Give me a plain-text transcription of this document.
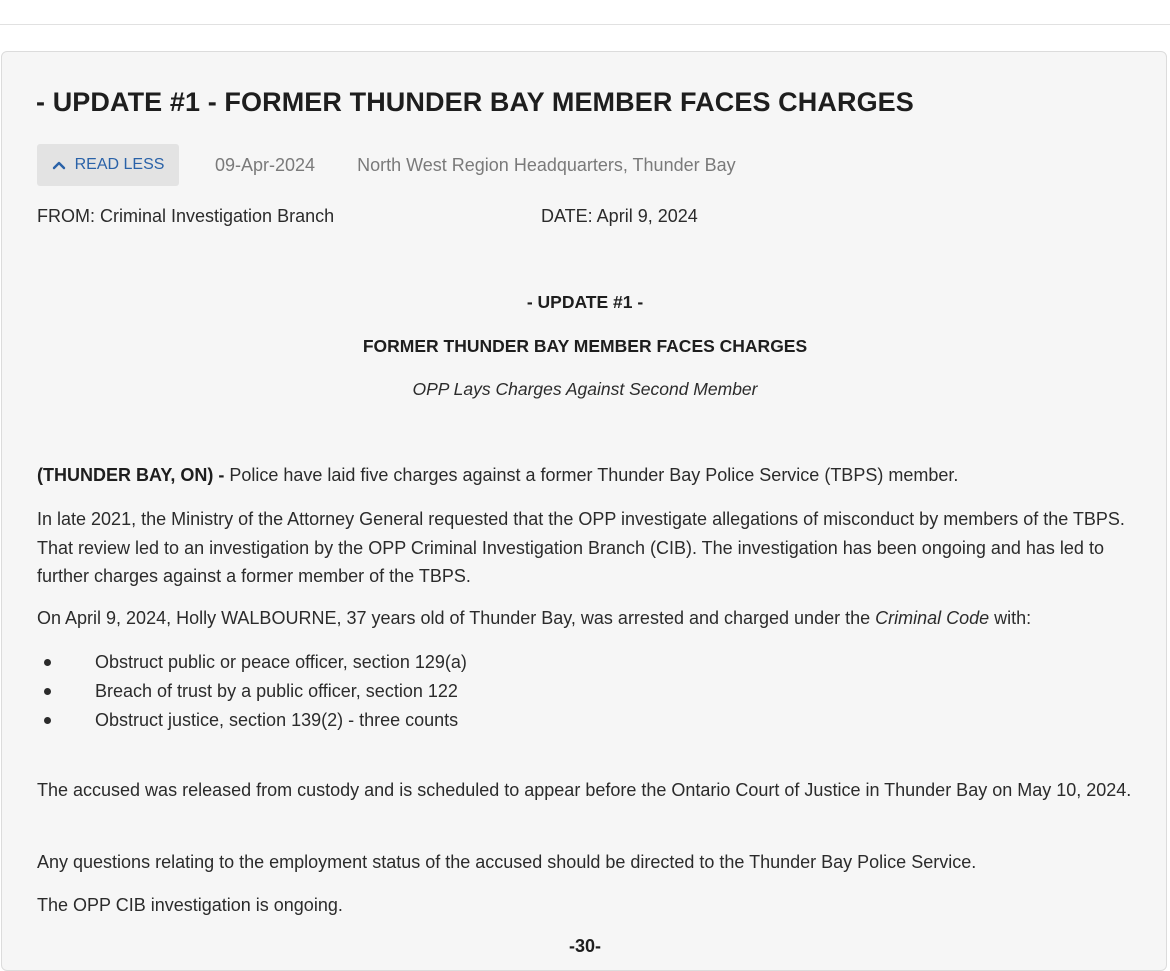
- UPDATE #1 - FORMER THUNDER BAY MEMBER FACES CHARGES
READ LESS	09-Apr-2024 North West Region Headquarters, Thunder Bay
FROM: Criminal Investigation Branch	DATE: April 9, 2024
- UPDATE #1 -
FORMER THUNDER BAY MEMBER FACES CHARGES
OPP Lays Charges Against Second Member

(THUNDER BAY, ON) - Police have laid five charges against a former Thunder Bay Police Service (TBPS) member.

In late 2021, the Ministry of the Attorney General requested that the OPP investigate allegations of misconduct by members of the TBPS. That review led to an investigation by the OPP Criminal Investigation Branch (CIB). The investigation has been ongoing and has led to further charges against a former member of the TBPS.

On April 9, 2024, Holly WALBOURNE, 37 years old of Thunder Bay, was arrested and charged under the Criminal Code with:

Obstruct public or peace officer, section 129(a)
Breach of trust by a public officer, section 122
Obstruct justice, section 139(2) - three counts

The accused was released from custody and is scheduled to appear before the Ontario Court of Justice in Thunder Bay on May 10, 2024.

Any questions relating to the employment status of the accused should be directed to the Thunder Bay Police Service.

The OPP CIB investigation is ongoing.

-30-
